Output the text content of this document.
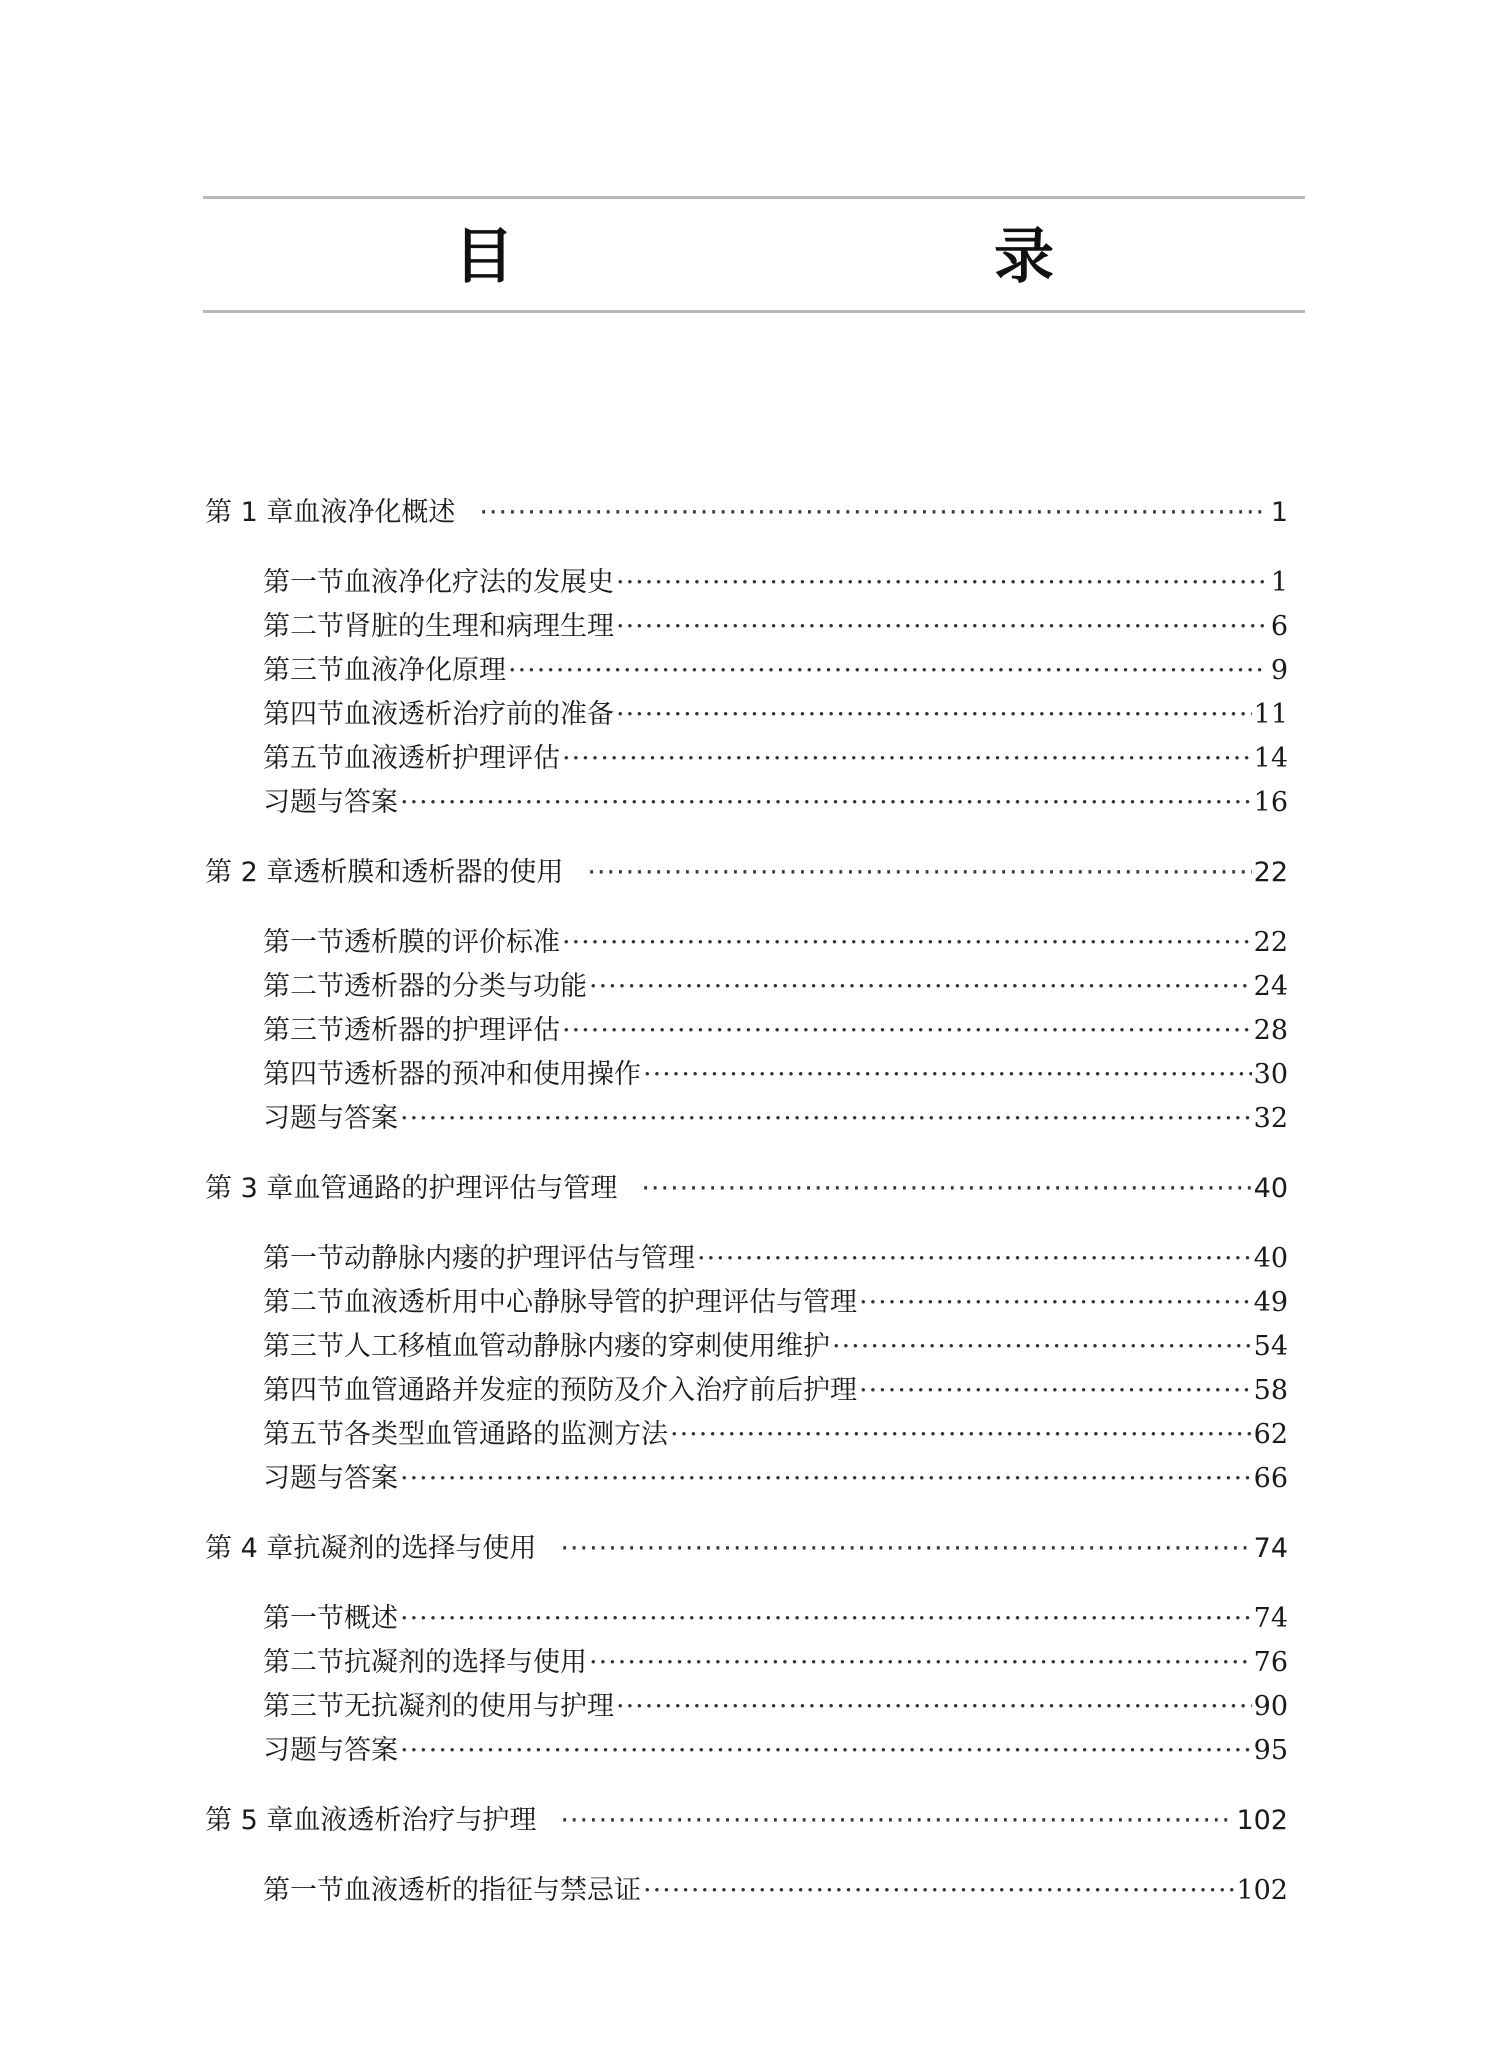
目　　录
第 1 章 血液净化概述 ·····	1
第一节 血液净化疗法的发展史 ·····	1
第二节 肾脏的生理和病理生理 ·····	6
第三节 血液净化原理 ·····	9
第四节 血液透析治疗前的准备 ·····	11
第五节 血液透析护理评估 ·····	14
习题与答案 ·····	16
第 2 章 透析膜和透析器的使用 ·····	22
第一节 透析膜的评价标准 ·····	22
第二节 透析器的分类与功能 ·····	24
第三节 透析器的护理评估 ·····	28
第四节 透析器的预冲和使用操作 ·····	30
习题与答案 ·····	32
第 3 章 血管通路的护理评估与管理 ·····	40
第一节 动静脉内瘘的护理评估与管理 ·····	40
第二节 血液透析用中心静脉导管的护理评估与管理 ·····	49
第三节 人工移植血管动静脉内瘘的穿刺使用维护 ·····	54
第四节 血管通路并发症的预防及介入治疗前后护理 ·····	58
第五节 各类型血管通路的监测方法 ·····	62
习题与答案 ·····	66
第 4 章 抗凝剂的选择与使用 ·····	74
第一节 概述 ·····	74
第二节 抗凝剂的选择与使用 ·····	76
第三节 无抗凝剂的使用与护理 ·····	90
习题与答案 ·····	95
第 5 章 血液透析治疗与护理 ·····	102
第一节 血液透析的指征与禁忌证 ·····	102
